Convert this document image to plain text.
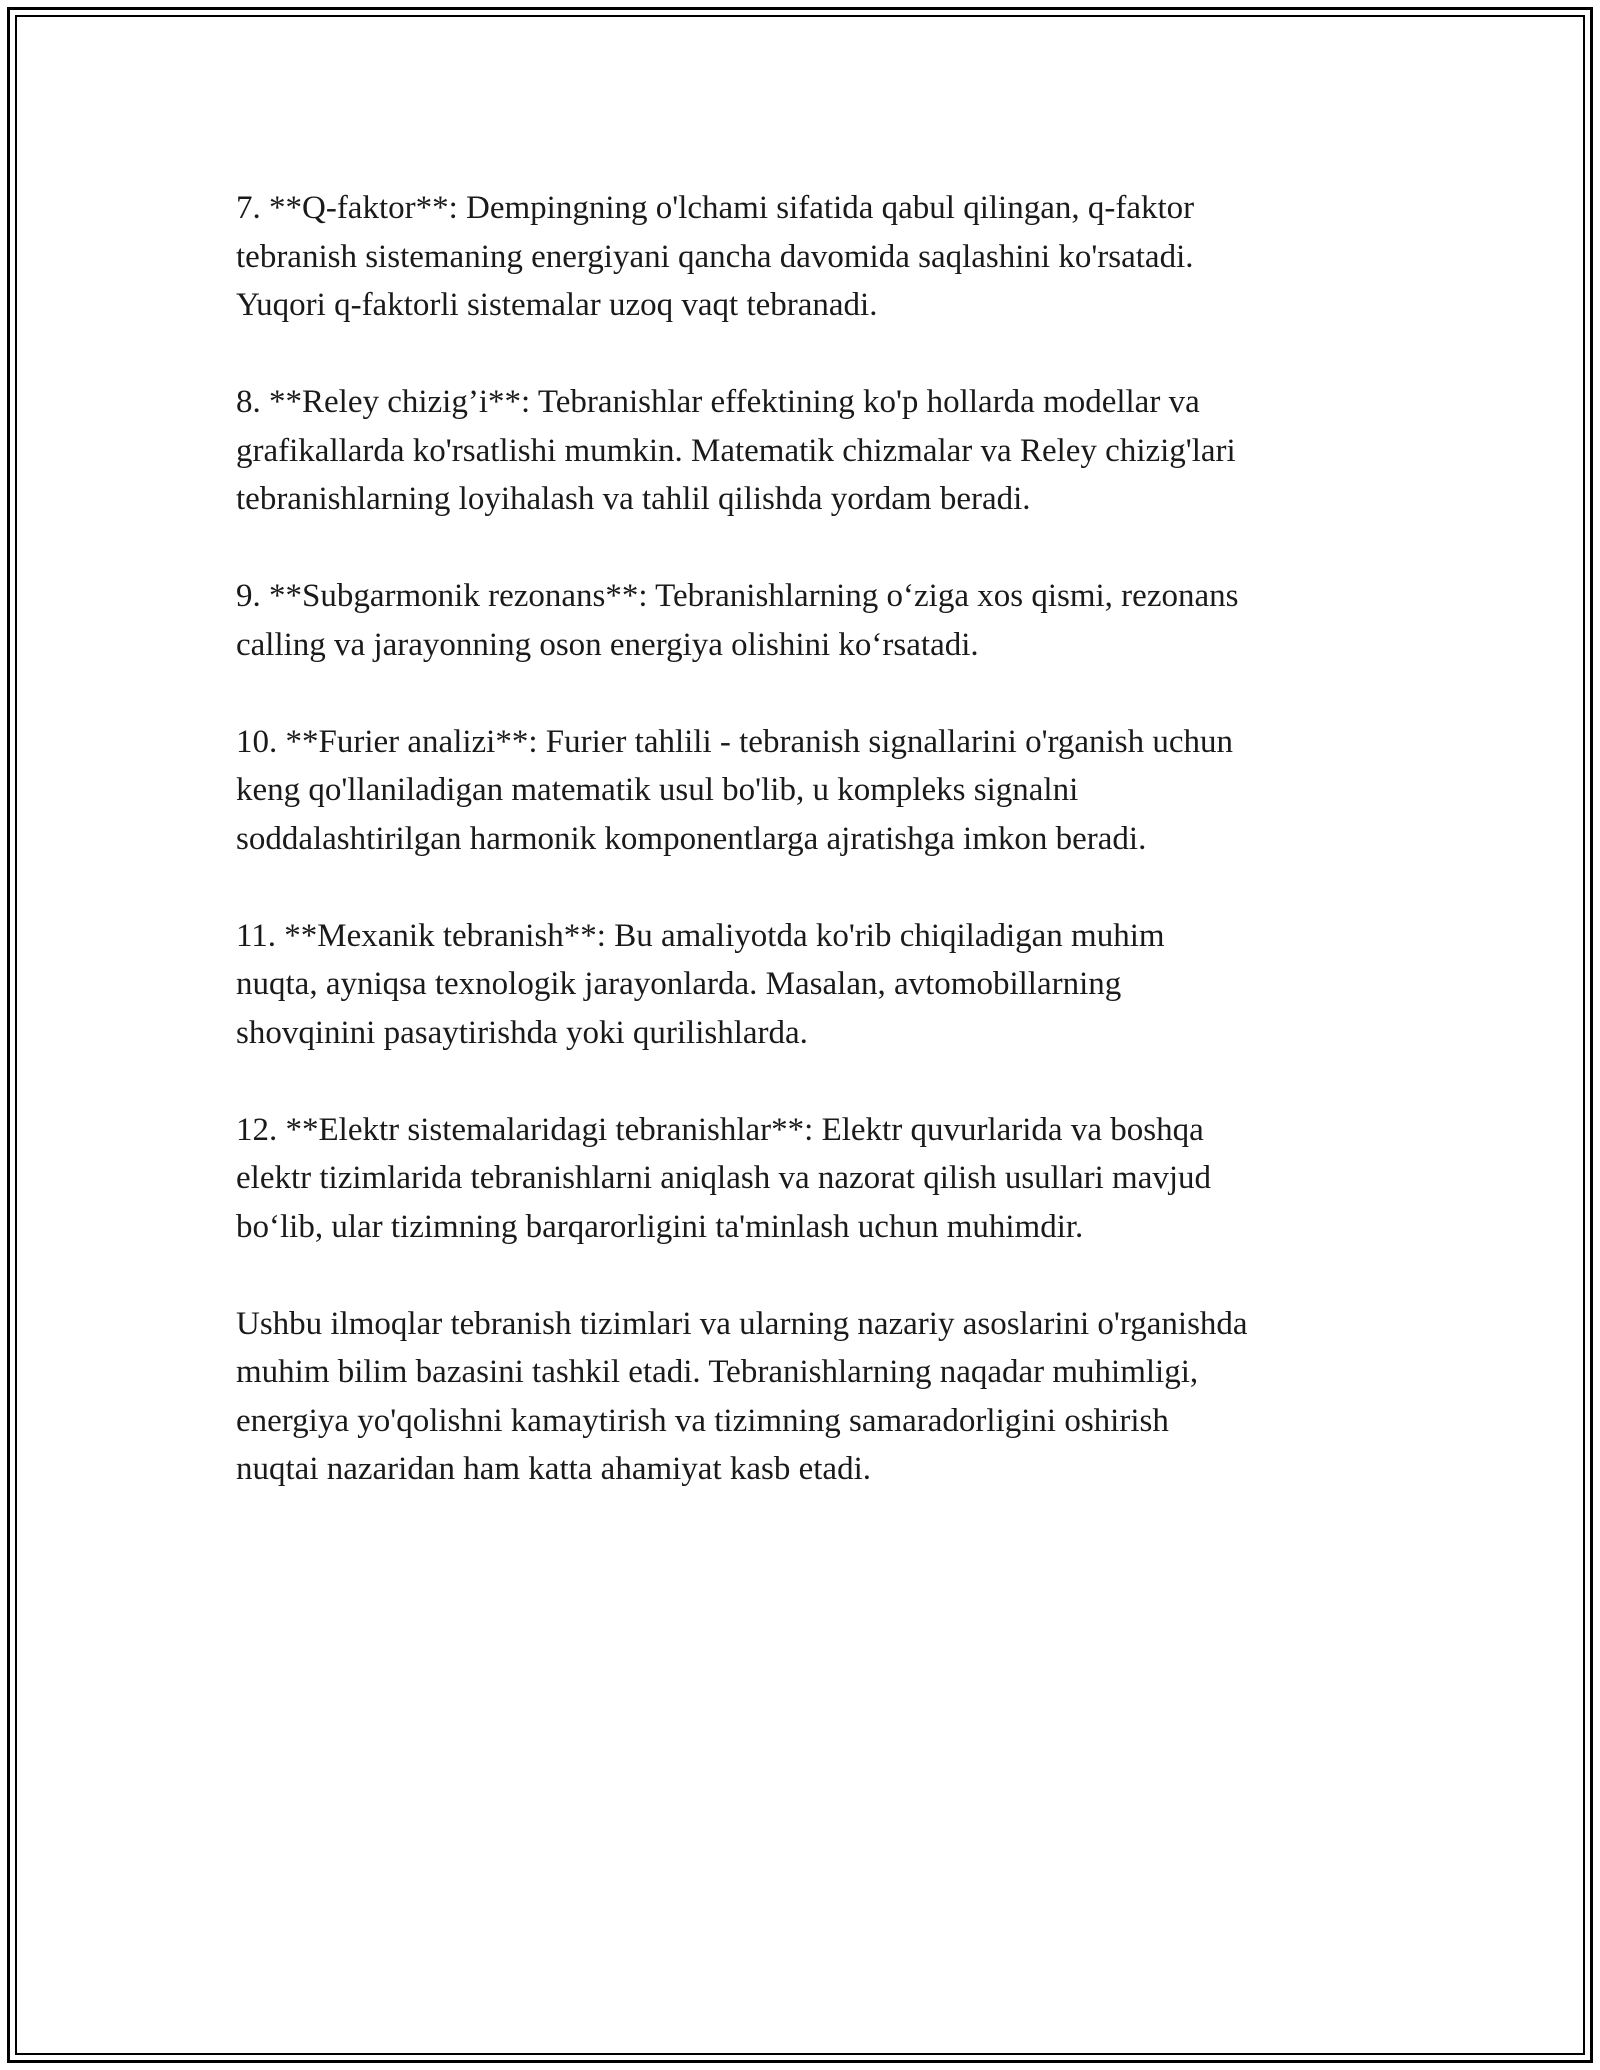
7. **Q-faktor**: Dempingning o'lchami sifatida qabul qilingan, q-faktor
tebranish sistemaning energiyani qancha davomida saqlashini ko'rsatadi.
Yuqori q-faktorli sistemalar uzoq vaqt tebranadi.

8. **Reley chizig’i**: Tebranishlar effektining ko'p hollarda modellar va
grafikallarda ko'rsatlishi mumkin. Matematik chizmalar va Reley chizig'lari
tebranishlarning loyihalash va tahlil qilishda yordam beradi.

9. **Subgarmonik rezonans**: Tebranishlarning o‘ziga xos qismi, rezonans
calling va jarayonning oson energiya olishini ko‘rsatadi.

10. **Furier analizi**: Furier tahlili - tebranish signallarini o'rganish uchun
keng qo'llaniladigan matematik usul bo'lib, u kompleks signalni
soddalashtirilgan harmonik komponentlarga ajratishga imkon beradi.

11. **Mexanik tebranish**: Bu amaliyotda ko'rib chiqiladigan muhim
nuqta, ayniqsa texnologik jarayonlarda. Masalan, avtomobillarning
shovqinini pasaytirishda yoki qurilishlarda.

12. **Elektr sistemalaridagi tebranishlar**: Elektr quvurlarida va boshqa
elektr tizimlarida tebranishlarni aniqlash va nazorat qilish usullari mavjud
bo‘lib, ular tizimning barqarorligini ta'minlash uchun muhimdir.

Ushbu ilmoqlar tebranish tizimlari va ularning nazariy asoslarini o'rganishda
muhim bilim bazasini tashkil etadi. Tebranishlarning naqadar muhimligi,
energiya yo'qolishni kamaytirish va tizimning samaradorligini oshirish
nuqtai nazaridan ham katta ahamiyat kasb etadi.
